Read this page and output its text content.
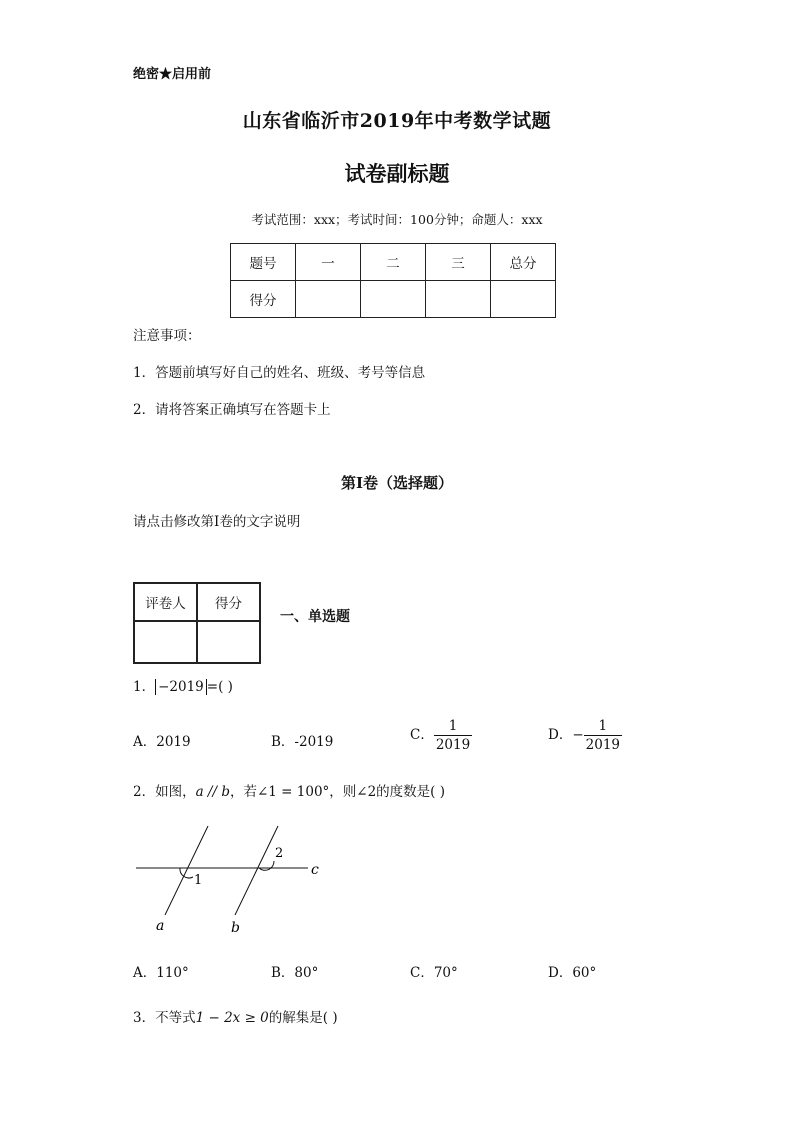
绝密★启用前
山东省临沂市2019年中考数学试题
试卷副标题
考试范围：xxx；考试时间：100分钟；命题人：xxx
题号	一	二	三	总分
得分				
注意事项：
1．答题前填写好自己的姓名、班级、考号等信息
2．请将答案正确填写在答题卡上
第I卷（选择题）
请点击修改第I卷的文字说明
评卷人	得分

一、单选题
1． −2019 =( )
A．2019	B．-2019	C． $\frac{1}{2019}$	D．− $\frac{1}{2019}$
2．如图，a // b，若∠1 = 100°，则∠2的度数是( )
1
2
a	b
c
A．110°	B．80°	C．70°	D．60°
3．不等式1 − 2x ≥ 0的解集是( )
